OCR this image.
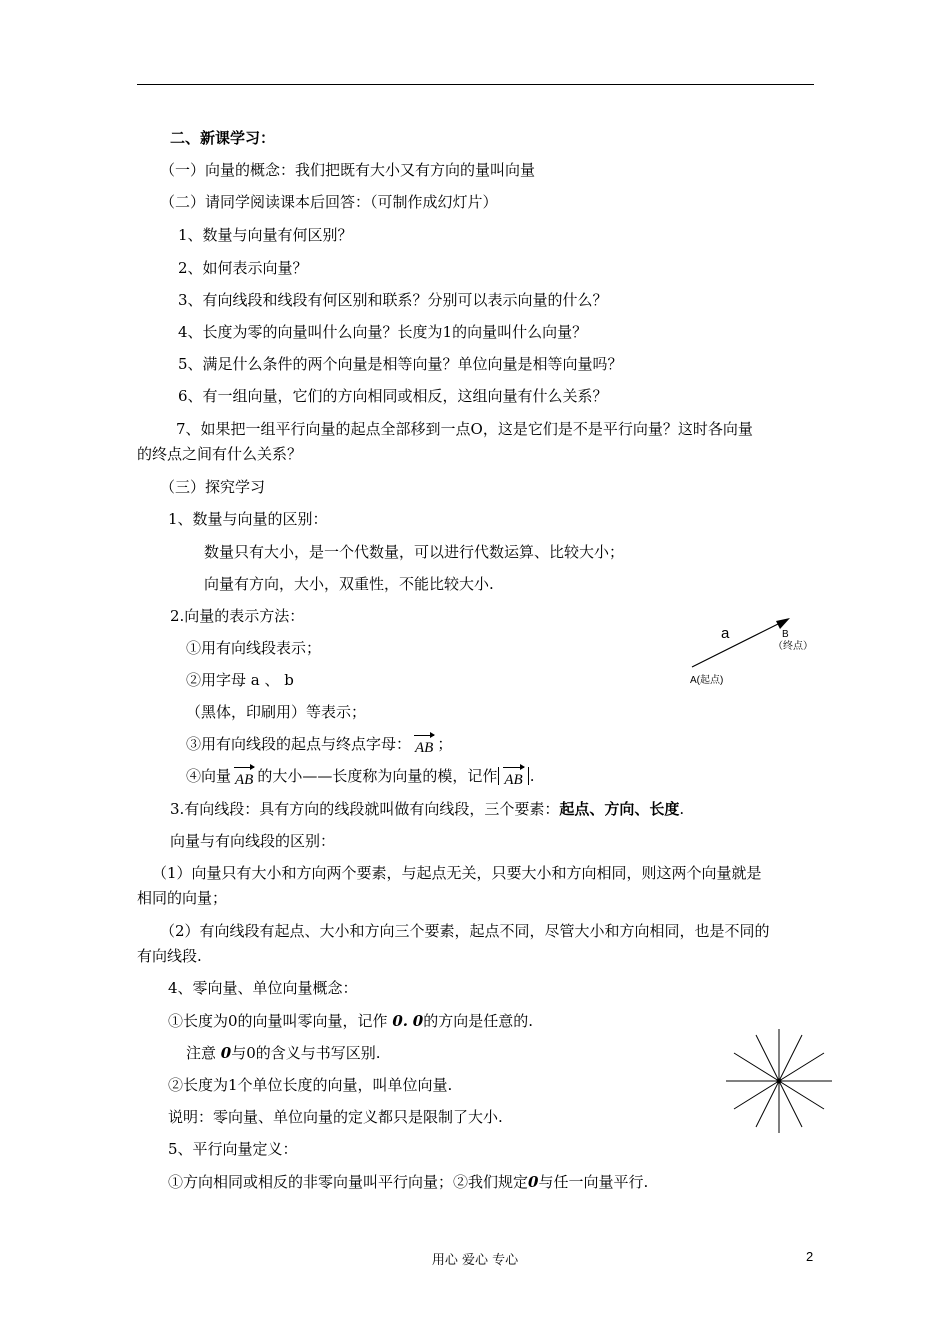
二、新课学习：
（一）向量的概念：我们把既有大小又有方向的量叫向量
（二）请同学阅读课本后回答：（可制作成幻灯片）
1、数量与向量有何区别？
2、如何表示向量？
3、有向线段和线段有何区别和联系？分别可以表示向量的什么？
4、长度为零的向量叫什么向量？长度为1的向量叫什么向量？
5、满足什么条件的两个向量是相等向量？单位向量是相等向量吗？
6、有一组向量，它们的方向相同或相反，这组向量有什么关系？
7、如果把一组平行向量的起点全部移到一点O，这是它们是不是平行向量？这时各向量
的终点之间有什么关系？
（三）探究学习
1、数量与向量的区别：
数量只有大小，是一个代数量，可以进行代数运算、比较大小；
向量有方向，大小，双重性，不能比较大小.
2.向量的表示方法：
①用有向线段表示；
②用字母 a 、 b
（黑体，印刷用）等表示；
③用有向线段的起点与终点字母： AB ；
④向量 AB 的大小——长度称为向量的模，记作 AB .
3.有向线段：具有方向的线段就叫做有向线段，三个要素：起点、方向、长度.
向量与有向线段的区别：
（1）向量只有大小和方向两个要素，与起点无关，只要大小和方向相同，则这两个向量就是
相同的向量；
（2）有向线段有起点、大小和方向三个要素，起点不同，尽管大小和方向相同，也是不同的
有向线段.
4、零向量、单位向量概念：
①长度为0的向量叫零向量，记作 0. 0的方向是任意的.
注意 0与0的含义与书写区别.
②长度为1个单位长度的向量，叫单位向量.
说明：零向量、单位向量的定义都只是限制了大小.
5、平行向量定义：
①方向相同或相反的非零向量叫平行向量；②我们规定0与任一向量平行.
a	B
（终点）
A(起点)
用心 爱心 专心	2
